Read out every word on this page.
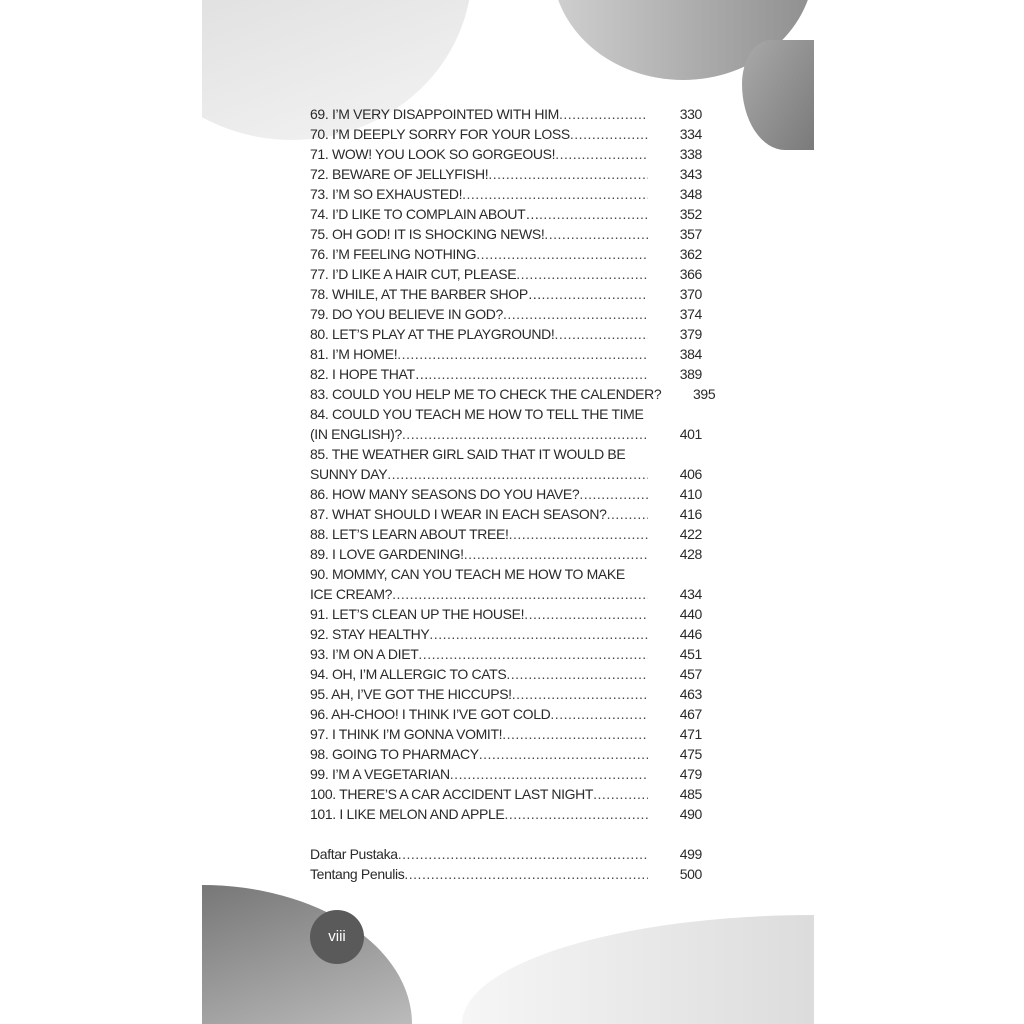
69. I’M VERY DISAPPOINTED WITH HIM .....	330
70. I’M DEEPLY SORRY FOR YOUR LOSS .....	334
71. WOW! YOU LOOK SO GORGEOUS! .....	338
72. BEWARE OF JELLYFISH! .....	343
73. I’M SO EXHAUSTED! .....	348
74. I’D LIKE TO COMPLAIN ABOUT… .....	352
75. OH GOD! IT IS SHOCKING NEWS! .....	357
76. I’M FEELING NOTHING .....	362
77. I’D LIKE A HAIR CUT, PLEASE .....	366
78. WHILE, AT THE BARBER SHOP… .....	370
79. DO YOU BELIEVE IN GOD? .....	374
80. LET’S PLAY AT THE PLAYGROUND! .....	379
81. I’M HOME! .....	384
82. I HOPE THAT… .....	389
83. COULD YOU HELP ME TO CHECK THE CALENDER?	395
84. COULD YOU TEACH ME HOW TO TELL THE TIME
(IN ENGLISH)? .....	401
85. THE WEATHER GIRL SAID THAT IT WOULD BE
SUNNY DAY .....	406
86. HOW MANY SEASONS DO YOU HAVE? .....	410
87. WHAT SHOULD I WEAR IN EACH SEASON? .....	416
88. LET’S LEARN ABOUT TREE! .....	422
89. I LOVE GARDENING! .....	428
90. MOMMY, CAN YOU TEACH ME HOW TO MAKE
ICE CREAM? .....	434
91. LET’S CLEAN UP THE HOUSE! .....	440
92. STAY HEALTHY .....	446
93. I’M ON A DIET .....	451
94. OH, I’M ALLERGIC TO CATS .....	457
95. AH, I’VE GOT THE HICCUPS! .....	463
96. AH-CHOO! I THINK I’VE GOT COLD .....	467
97. I THINK I’M GONNA VOMIT! .....	471
98. GOING TO PHARMACY .....	475
99. I’M A VEGETARIAN .....	479
100. THERE’S A CAR ACCIDENT LAST NIGHT .....	485
101. I LIKE MELON AND APPLE .....	490
Daftar Pustaka .....	499
Tentang Penulis .....	500
viii
